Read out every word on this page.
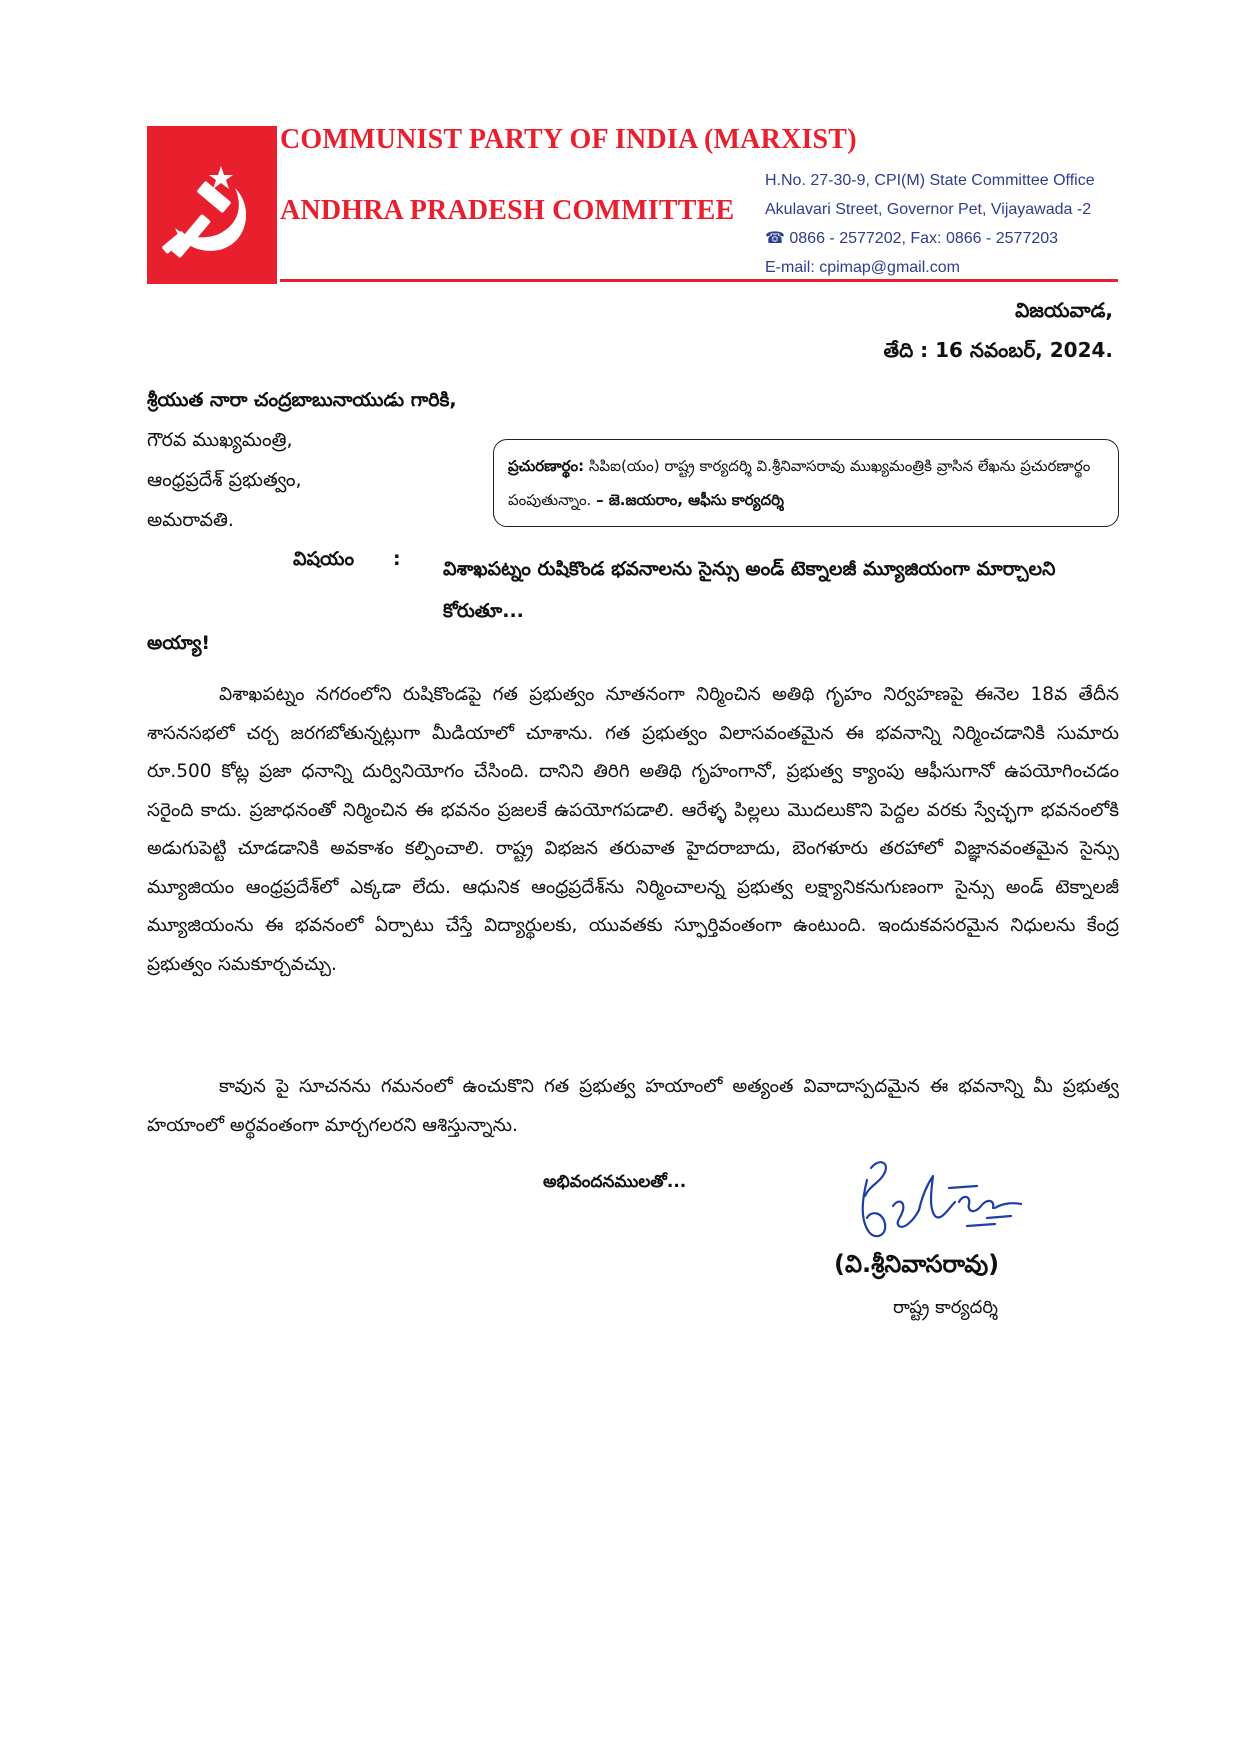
COMMUNIST PARTY OF INDIA (MARXIST)
ANDHRA PRADESH COMMITTEE
H.No. 27-30-9, CPI(M) State Committee Office
Akulavari Street, Governor Pet, Vijayawada -2
☎ 0866 - 2577202, Fax: 0866 - 2577203
E-mail: cpimap@gmail.com
విజయవాడ,
తేది : 16 నవంబర్, 2024.
శ్రీయుత నారా చంద్రబాబునాయుడు గారికి,
గౌరవ ముఖ్యమంత్రి,
ఆంధ్రప్రదేశ్ ప్రభుత్వం,
అమరావతి.
ప్రచురణార్థం: సిపిఐ(యం) రాష్ట్ర కార్యదర్శి వి.శ్రీనివాసరావు ముఖ్యమంత్రికి వ్రాసిన లేఖను ప్రచురణార్థం పంపుతున్నాం. – జె.జయరాం, ఆఫీసు కార్యదర్శి
విషయం : విశాఖపట్నం రుషికొండ భవనాలను సైన్సు అండ్ టెక్నాలజీ మ్యూజియంగా మార్చాలని కోరుతూ...
అయ్యా!
విశాఖపట్నం నగరంలోని రుషికొండపై గత ప్రభుత్వం నూతనంగా నిర్మించిన అతిథి గృహం నిర్వహణపై ఈనెల 18వ తేదీన శాసనసభలో చర్చ జరగబోతున్నట్లుగా మీడియాలో చూశాను. గత ప్రభుత్వం విలాసవంతమైన ఈ భవనాన్ని నిర్మించడానికి సుమారు రూ.500 కోట్ల ప్రజా ధనాన్ని దుర్వినియోగం చేసింది. దానిని తిరిగి అతిథి గృహంగానో, ప్రభుత్వ క్యాంపు ఆఫీసుగానో ఉపయోగించడం సరైంది కాదు. ప్రజాధనంతో నిర్మించిన ఈ భవనం ప్రజలకే ఉపయోగపడాలి. ఆరేళ్ళ పిల్లలు మొదలుకొని పెద్దల వరకు స్వేచ్ఛగా భవనంలోకి అడుగుపెట్టి చూడడానికి అవకాశం కల్పించాలి. రాష్ట్ర విభజన తరువాత హైదరాబాదు, బెంగళూరు తరహాలో విజ్ఞానవంతమైన సైన్సు మ్యూజియం ఆంధ్రప్రదేశ్‌లో ఎక్కడా లేదు. ఆధునిక ఆంధ్రప్రదేశ్‌ను నిర్మించాలన్న ప్రభుత్వ లక్ష్యానికనుగుణంగా సైన్సు అండ్ టెక్నాలజీ మ్యూజియంను ఈ భవనంలో ఏర్పాటు చేస్తే విద్యార్థులకు, యువతకు స్ఫూర్తివంతంగా ఉంటుంది. ఇందుకవసరమైన నిధులను కేంద్ర ప్రభుత్వం సమకూర్చవచ్చు.
కావున పై సూచనను గమనంలో ఉంచుకొని గత ప్రభుత్వ హయాంలో అత్యంత వివాదాస్పదమైన ఈ భవనాన్ని మీ ప్రభుత్వ హయాంలో అర్థవంతంగా మార్చగలరని ఆశిస్తున్నాను.
అభివందనములతో...
(వి.శ్రీనివాసరావు)
రాష్ట్ర కార్యదర్శి
